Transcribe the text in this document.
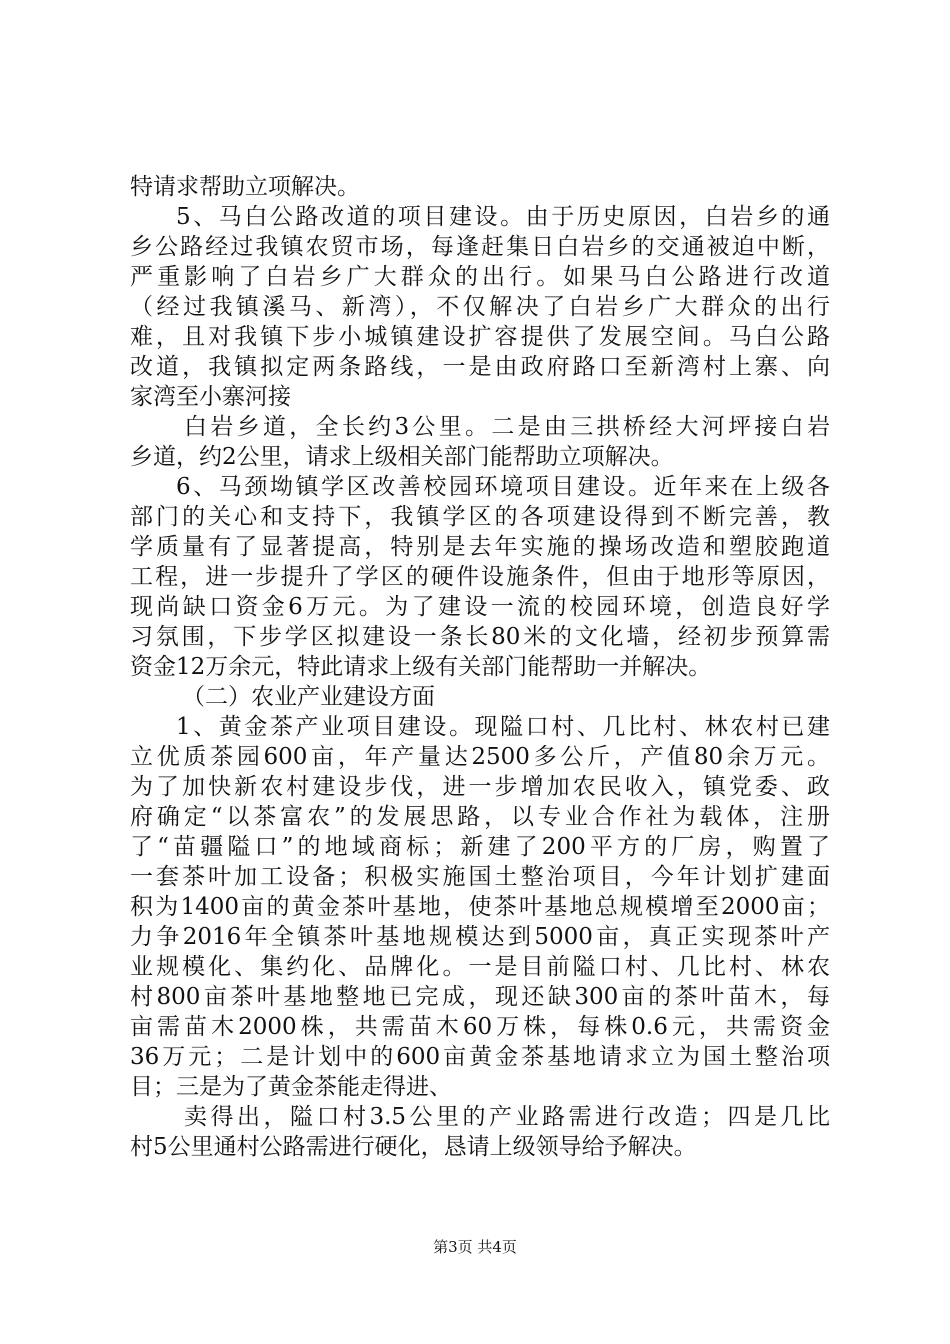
特请求帮助立项解决。
5、马白公路改道的项目建设。由于历史原因，白岩乡的通
乡公路经过我镇农贸市场，每逢赶集日白岩乡的交通被迫中断，
严重影响了白岩乡广大群众的出行。如果马白公路进行改道
（经过我镇溪马、新湾），不仅解决了白岩乡广大群众的出行
难，且对我镇下步小城镇建设扩容提供了发展空间。马白公路
改道，我镇拟定两条路线，一是由政府路口至新湾村上寨、向
家湾至小寨河接
白岩乡道，全长约3公里。二是由三拱桥经大河坪接白岩
乡道，约2公里，请求上级相关部门能帮助立项解决。
6、马颈坳镇学区改善校园环境项目建设。近年来在上级各
部门的关心和支持下，我镇学区的各项建设得到不断完善，教
学质量有了显著提高，特别是去年实施的操场改造和塑胶跑道
工程，进一步提升了学区的硬件设施条件，但由于地形等原因，
现尚缺口资金6万元。为了建设一流的校园环境，创造良好学
习氛围，下步学区拟建设一条长80米的文化墙，经初步预算需
资金12万余元，特此请求上级有关部门能帮助一并解决。
（二）农业产业建设方面
1、黄金茶产业项目建设。现隘口村、几比村、林农村已建
立优质茶园600亩，年产量达2500多公斤，产值80余万元。
为了加快新农村建设步伐，进一步增加农民收入，镇党委、政
府确定“以茶富农”的发展思路，以专业合作社为载体，注册
了“苗疆隘口”的地域商标；新建了200平方的厂房，购置了
一套茶叶加工设备；积极实施国土整治项目，今年计划扩建面
积为1400亩的黄金茶叶基地，使茶叶基地总规模增至2000亩；
力争2016年全镇茶叶基地规模达到5000亩，真正实现茶叶产
业规模化、集约化、品牌化。一是目前隘口村、几比村、林农
村800亩茶叶基地整地已完成，现还缺300亩的茶叶苗木，每
亩需苗木2000株，共需苗木60万株，每株0.6元，共需资金
36万元；二是计划中的600亩黄金茶基地请求立为国土整治项
目；三是为了黄金茶能走得进、
卖得出，隘口村3.5公里的产业路需进行改造；四是几比
村5公里通村公路需进行硬化，恳请上级领导给予解决。
第3页 共4页
